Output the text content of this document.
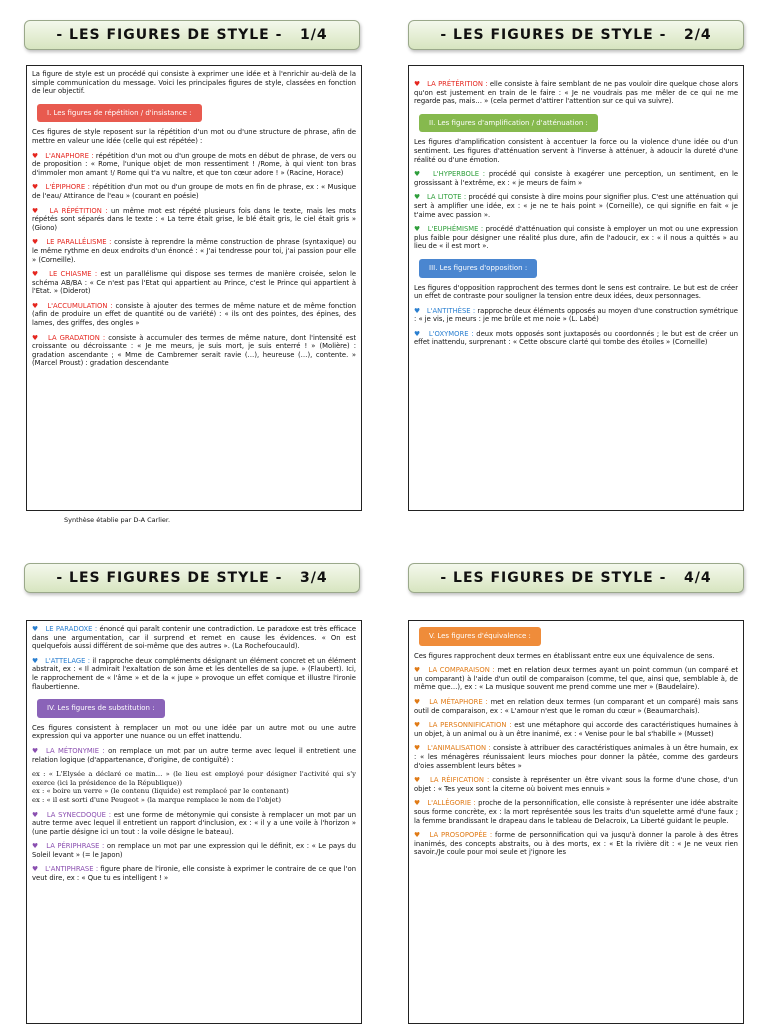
- LES FIGURES DE STYLE -
1/4	- LES FIGURES DE STYLE -
2/4
- LES FIGURES DE STYLE -
3/4	- LES FIGURES DE STYLE -
4/4

La figure de style est un procédé qui consiste à exprimer une idée et à l'enrichir au-delà de la simple communication du message. Voici les principales figures de style, classées en fonction de leur objectif.

I. Les figures de répétition / d'insistance :

Ces figures de style reposent sur la répétition d'un mot ou d'une structure de phrase, afin de mettre en valeur une idée (celle qui est répétée) :

♥ L'ANAPHORE : répétition d'un mot ou d'un groupe de mots en début de phrase, de vers ou de proposition : « Rome, l'unique objet de mon ressentiment ! /Rome, à qui vient ton bras d'immoler mon amant !/ Rome qui t'a vu naître, et que ton cœur adore ! » (Racine, Horace)

♥ L'ÉPIPHORE : répétition d'un mot ou d'un groupe de mots en fin de phrase, ex : « Musique de l'eau/ Attirance de l'eau » (courant en poésie)

♥ LA RÉPÉTITION : un même mot est répété plusieurs fois dans le texte, mais les mots répétés sont séparés dans le texte : « La terre était grise, le blé était gris, le ciel était gris » (Giono)

♥ LE PARALLÉLISME : consiste à reprendre la même construction de phrase (syntaxique) ou le même rythme en deux endroits d'un énoncé : « J'ai tendresse pour toi, j'ai passion pour elle » (Corneille).

♥ LE CHIASME : est un parallélisme qui dispose ses termes de manière croisée, selon le schéma AB/BA : « Ce n'est pas l'Etat qui appartient au Prince, c'est le Prince qui appartient à l'Etat. » (Diderot)

♥ L'ACCUMULATION : consiste à ajouter des termes de même nature et de même fonction (afin de produire un effet de quantité ou de variété) : « ils ont des pointes, des épines, des lames, des griffes, des ongles »

♥ LA GRADATION : consiste à accumuler des termes de même nature, dont l'intensité est croissante ou décroissante : « Je me meurs, je suis mort, je suis enterré ! » (Molière) : gradation ascendante ; « Mme de Cambremer serait ravie (…), heureuse (…), contente. » (Marcel Proust) : gradation descendante

Synthèse établie par D-A Carlier.

♥ LA PRÉTÉRITION : elle consiste à faire semblant de ne pas vouloir dire quelque chose alors qu'on est justement en train de le faire : « Je ne voudrais pas me mêler de ce qui ne me regarde pas, mais… » (cela permet d'attirer l'attention sur ce qui va suivre).

II. Les figures d'amplification / d'atténuation :

Les figures d'amplification consistent à accentuer la force ou la violence d'une idée ou d'un sentiment. Les figures d'atténuation servent à l'inverse à atténuer, à adoucir la dureté d'une réalité ou d'une émotion.

♥ L'HYPERBOLE : procédé qui consiste à exagérer une perception, un sentiment, en le grossissant à l'extrême, ex : « je meurs de faim »

♥ LA LITOTE : procédé qui consiste à dire moins pour signifier plus. C'est une atténuation qui sert à amplifier une idée, ex : « je ne te hais point » (Corneille), ce qui signifie en fait « je t'aime avec passion ».

♥ L'EUPHÉMISME : procédé d'atténuation qui consiste à employer un mot ou une expression plus faible pour désigner une réalité plus dure, afin de l'adoucir, ex : « il nous a quittés » au lieu de « il est mort ».

III. Les figures d'opposition :

Les figures d'opposition rapprochent des termes dont le sens est contraire. Le but est de créer un effet de contraste pour souligner la tension entre deux idées, deux personnages.

♥ L'ANTITHÈSE : rapproche deux éléments opposés au moyen d'une construction symétrique : « je vis, je meurs : je me brûle et me noie » (L. Labé)

♥ L'OXYMORE : deux mots opposés sont juxtaposés ou coordonnés ; le but est de créer un effet inattendu, surprenant : « Cette obscure clarté qui tombe des étoiles » (Corneille)

♥ LE PARADOXE : énoncé qui paraît contenir une contradiction. Le paradoxe est très efficace dans une argumentation, car il surprend et remet en cause les évidences. « On est quelquefois aussi différent de soi-même que des autres ». (La Rochefoucauld).

♥ L'ATTELAGE : il rapproche deux compléments désignant un élément concret et un élément abstrait, ex : « Il admirait l'exaltation de son âme et les dentelles de sa jupe. » (Flaubert). Ici, le rapprochement de « l'âme » et de la « jupe » provoque un effet comique et illustre l'ironie flaubertienne.

IV. Les figures de substitution :

Ces figures consistent à remplacer un mot ou une idée par un autre mot ou une autre expression qui va apporter une nuance ou un effet inattendu.

♥ LA MÉTONYMIE : on remplace un mot par un autre terme avec lequel il entretient une relation logique (d'appartenance, d'origine, de contiguïté) :

ex : « L'Elysée a déclaré ce matin… » (le lieu est employé pour désigner l'activité qui s'y exerce (ici la présidence de la République))
ex : « boire un verre » (le contenu (liquide) est remplacé par le contenant)
ex : « il est sorti d'une Peugeot » (la marque remplace le nom de l'objet)

♥ LA SYNECDOQUE : est une forme de métonymie qui consiste à remplacer un mot par un autre terme avec lequel il entretient un rapport d'inclusion, ex : « il y a une voile à l'horizon » (une partie désigne ici un tout : la voile désigne le bateau).

♥ LA PÉRIPHRASE : on remplace un mot par une expression qui le définit, ex : « Le pays du Soleil levant » (= le Japon)

♥ L'ANTIPHRASE : figure phare de l'ironie, elle consiste à exprimer le contraire de ce que l'on veut dire, ex : « Que tu es intelligent ! »

V. Les figures d'équivalence :

Ces figures rapprochent deux termes en établissant entre eux une équivalence de sens.

♥ LA COMPARAISON : met en relation deux termes ayant un point commun (un comparé et un comparant) à l'aide d'un outil de comparaison (comme, tel que, ainsi que, semblable à, de même que…), ex : « La musique souvent me prend comme une mer » (Baudelaire).

♥ LA MÉTAPHORE : met en relation deux termes (un comparant et un comparé) mais sans outil de comparaison, ex : « L'amour n'est que le roman du cœur » (Beaumarchais).

♥ LA PERSONNIFICATION : est une métaphore qui accorde des caractéristiques humaines à un objet, à un animal ou à un être inanimé, ex : « Venise pour le bal s'habille » (Musset)

♥ L'ANIMALISATION : consiste à attribuer des caractéristiques animales à un être humain, ex : « les ménagères réunissaient leurs mioches pour donner la pâtée, comme des gardeurs d'oies assemblent leurs bêtes »

♥ LA RÉIFICATION : consiste à représenter un être vivant sous la forme d'une chose, d'un objet : « Tes yeux sont la citerne où boivent mes ennuis »

♥ L'ALLÉGORIE : proche de la personnification, elle consiste à représenter une idée abstraite sous forme concrète, ex : la mort représentée sous les traits d'un squelette armé d'une faux ; la femme brandissant le drapeau dans le tableau de Delacroix, La Liberté guidant le peuple.

♥ LA PROSOPOPÉE : forme de personnification qui va jusqu'à donner la parole à des êtres inanimés, des concepts abstraits, ou à des morts, ex : « Et la rivière dit : « Je ne veux rien savoir./Je coule pour moi seule et j'ignore les
